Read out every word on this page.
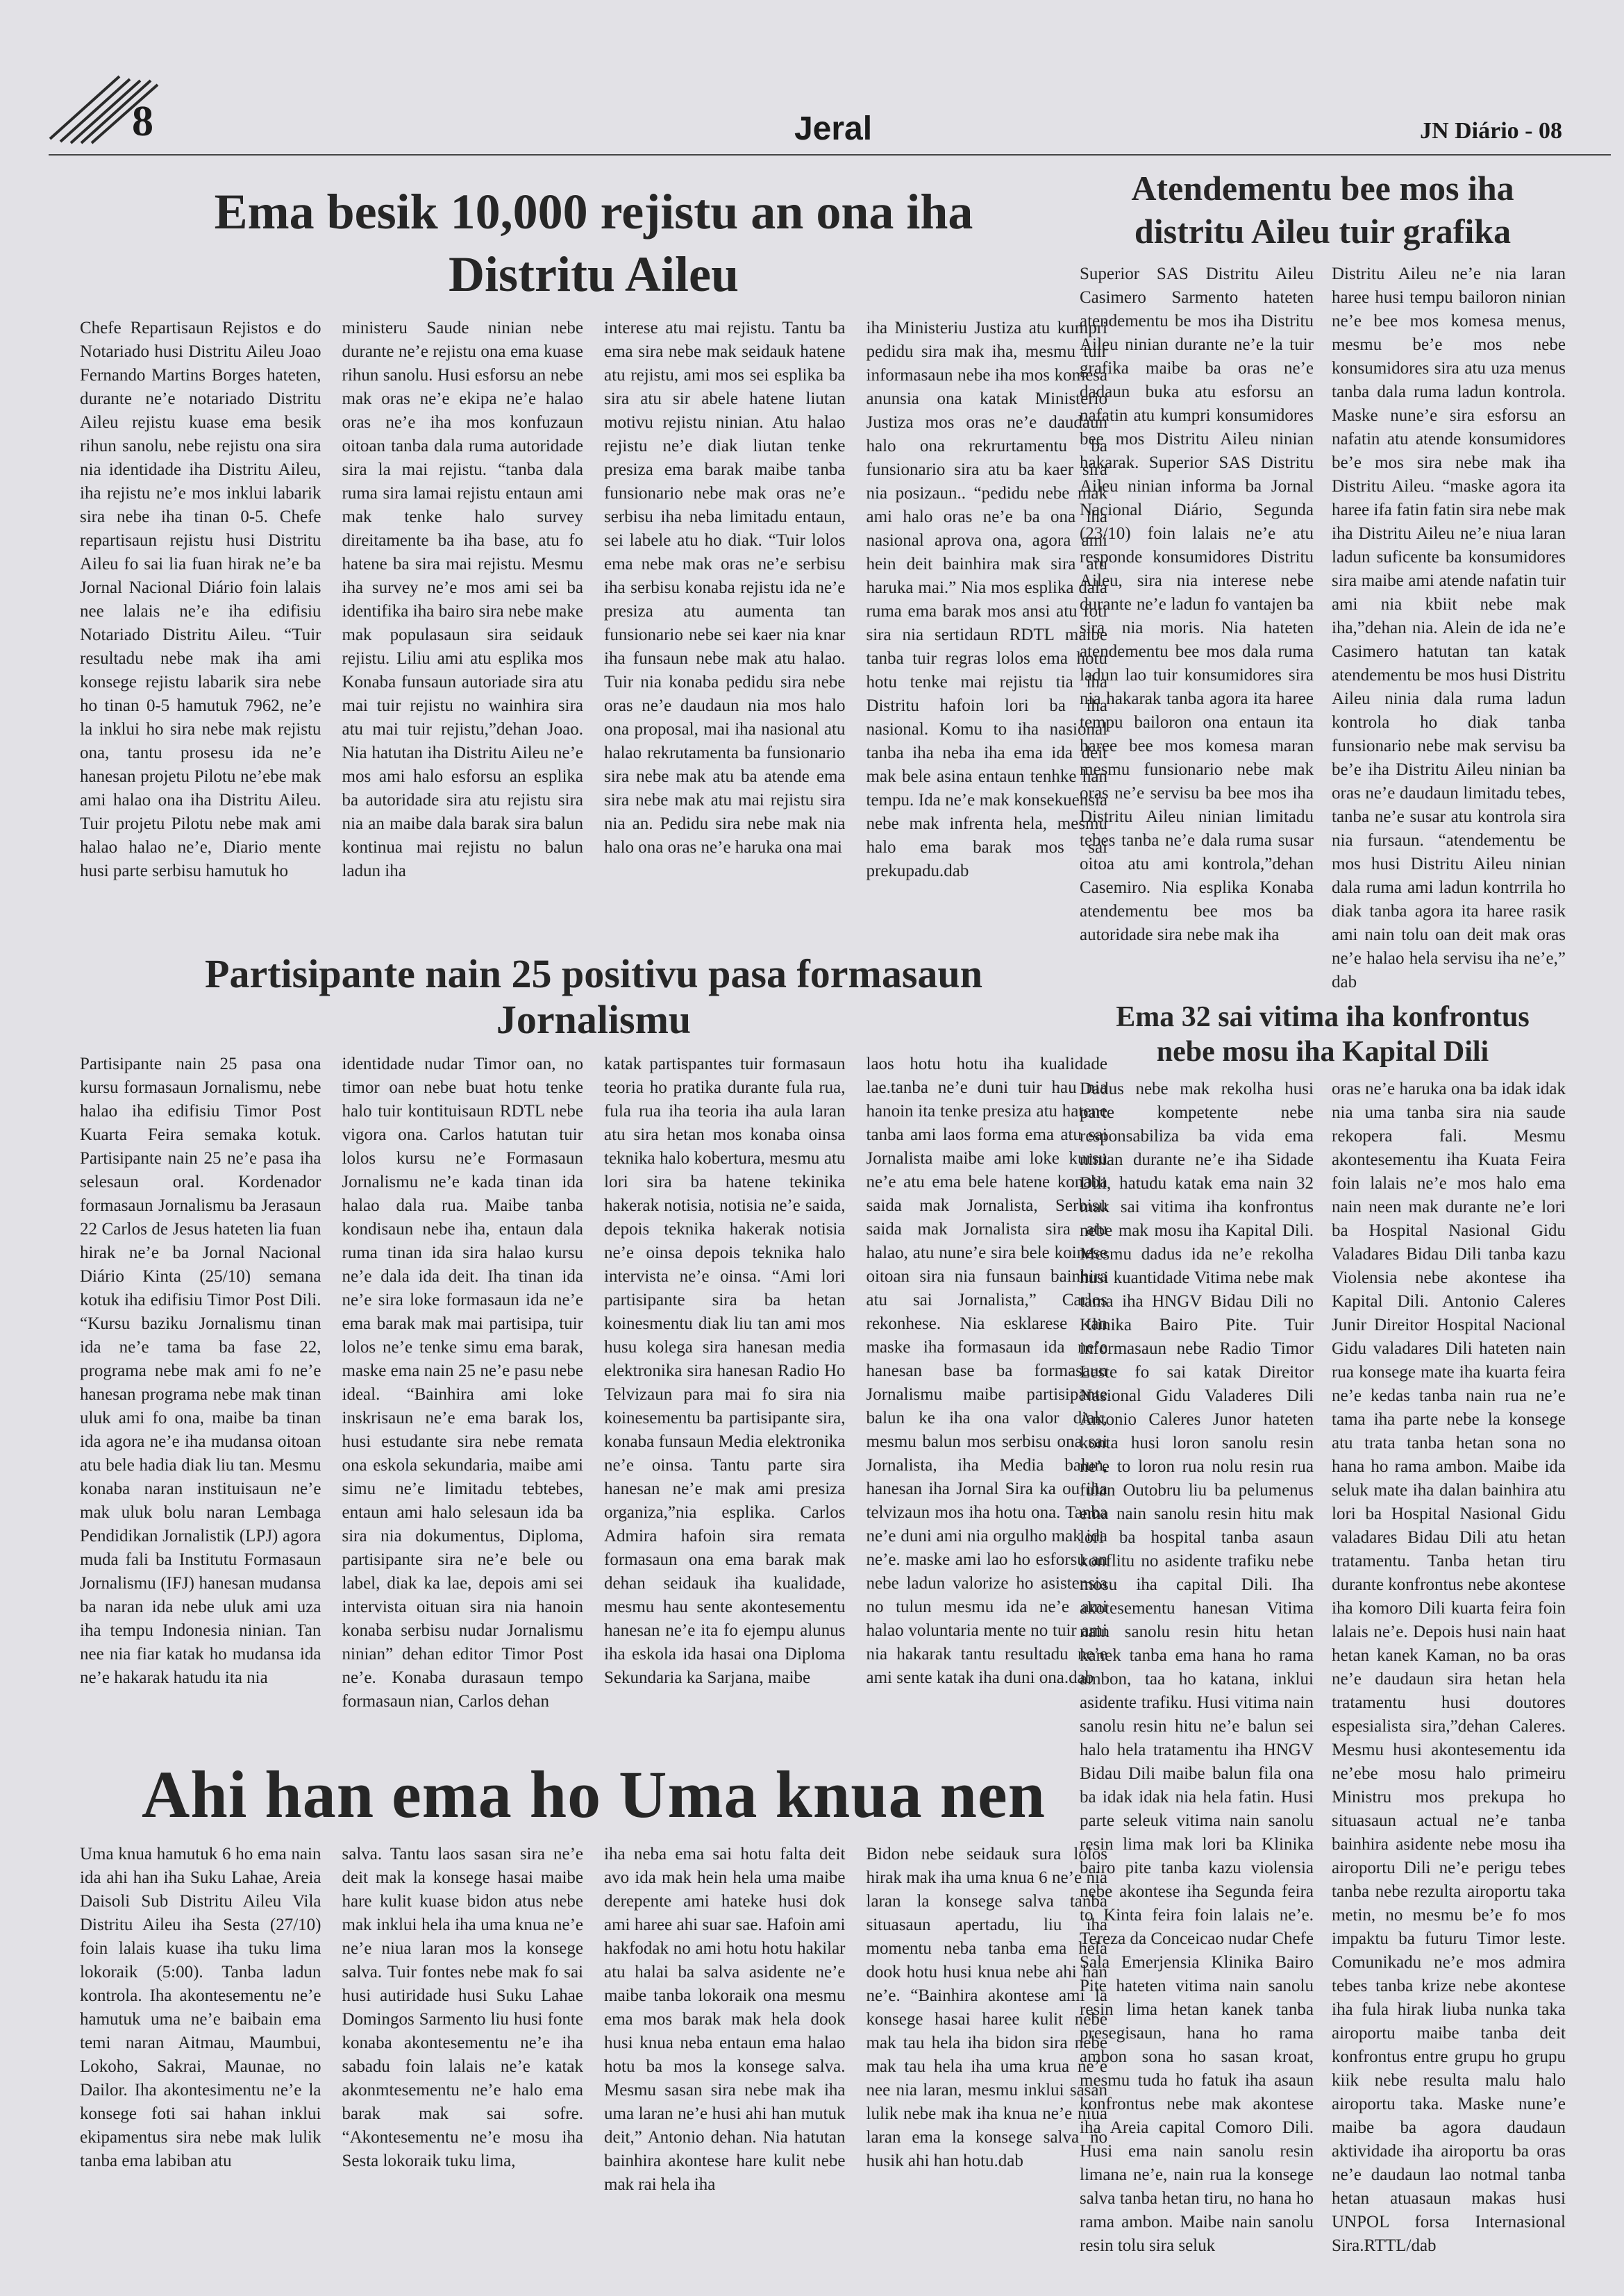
8	Jeral	JN Diário - 08
Ema besik 10,000 rejistu an ona iha Distritu Aileu

Chefe Repartisaun Rejistos e do Notariado husi Distritu Aileu Joao Fernando Martins Borges hateten, durante ne’e notariado Distritu Aileu rejistu kuase ema besik rihun sanolu, nebe rejistu ona sira nia identidade iha Distritu Aileu, iha rejistu ne’e mos inklui labarik sira nebe iha tinan 0-5. Chefe repartisaun rejistu husi Distritu Aileu fo sai lia fuan hirak ne’e ba Jornal Nacional Diário foin lalais nee lalais ne’e iha edifisiu Notariado Distritu Aileu. “Tuir resultadu nebe mak iha ami konsege rejistu labarik sira nebe ho tinan 0-5 hamutuk 7962, ne’e la inklui ho sira nebe mak rejistu ona, tantu prosesu ida ne’e hanesan projetu Pilotu ne’ebe mak ami halao ona iha Distritu Aileu. Tuir projetu Pilotu nebe mak ami halao halao ne’e, Diario mente husi parte serbisu hamutuk ho

ministeru Saude ninian nebe durante ne’e rejistu ona ema kuase rihun sanolu. Husi esforsu an nebe mak oras ne’e ekipa ne’e halao oras ne’e iha mos konfuzaun oitoan tanba dala ruma autoridade sira la mai rejistu. “tanba dala ruma sira lamai rejistu entaun ami mak tenke halo survey direitamente ba iha base, atu fo hatene ba sira mai rejistu. Mesmu iha survey ne’e mos ami sei ba identifika iha bairo sira nebe make mak populasaun sira seidauk rejistu. Liliu ami atu esplika mos Konaba funsaun autoriade sira atu mai tuir rejistu no wainhira sira atu mai tuir rejistu,”dehan Joao. Nia hatutan iha Distritu Aileu ne’e mos ami halo esforsu an esplika ba autoridade sira atu rejistu sira nia an maibe dala barak sira balun kontinua mai rejistu no balun ladun iha

interese atu mai rejistu. Tantu ba ema sira nebe mak seidauk hatene atu rejistu, ami mos sei esplika ba sira atu sir abele hatene liutan motivu rejistu ninian. Atu halao rejistu ne’e diak liutan tenke presiza ema barak maibe tanba funsionario nebe mak oras ne’e serbisu iha neba limitadu entaun, sei labele atu ho diak. “Tuir lolos ema nebe mak oras ne’e serbisu iha serbisu konaba rejistu ida ne’e presiza atu aumenta tan funsionario nebe sei kaer nia knar iha funsaun nebe mak atu halao. Tuir nia konaba pedidu sira nebe oras ne’e daudaun nia mos halo ona proposal, mai iha nasional atu halao rekrutamenta ba funsionario sira nebe mak atu ba atende ema sira nebe mak atu mai rejistu sira nia an. Pedidu sira nebe mak nia halo ona oras ne’e haruka ona mai

iha Ministeriu Justiza atu kumpri pedidu sira mak iha, mesmu tuir informasaun nebe iha mos komesa anunsia ona katak Ministerio Justiza mos oras ne’e daudaun halo ona rekrurtamentu ba funsionario sira atu ba kaer sira nia posizaun.. “pedidu nebe mak ami halo oras ne’e ba ona iha nasional aprova ona, agora ami hein deit bainhira mak sira atu haruka mai.” Nia mos esplika dala ruma ema barak mos ansi atu foti sira nia sertidaun RDTL maibe tanba tuir regras lolos ema hotu hotu tenke mai rejistu tia iha Distritu hafoin lori ba iha nasional. Komu to iha nasional tanba iha neba iha ema ida deit mak bele asina entaun tenhke han tempu. Ida ne’e mak konsekuensia nebe mak infrenta hela, mesmu halo ema barak mos sai prekupadu.dab

Partisipante nain 25 positivu pasa formasaun Jornalismu

Partisipante nain 25 pasa ona kursu formasaun Jornalismu, nebe halao iha edifisiu Timor Post Kuarta Feira semaka kotuk. Partisipante nain 25 ne’e pasa iha selesaun oral. Kordenador formasaun Jornalismu ba Jerasaun 22 Carlos de Jesus hateten lia fuan hirak ne’e ba Jornal Nacional Diário Kinta (25/10) semana kotuk iha edifisiu Timor Post Dili. “Kursu baziku Jornalismu tinan ida ne’e tama ba fase 22, programa nebe mak ami fo ne’e hanesan programa nebe mak tinan uluk ami fo ona, maibe ba tinan ida agora ne’e iha mudansa oitoan atu bele hadia diak liu tan. Mesmu konaba naran instituisaun ne’e mak uluk bolu naran Lembaga Pendidikan Jornalistik (LPJ) agora muda fali ba Institutu Formasaun Jornalismu (IFJ) hanesan mudansa ba naran ida nebe uluk ami uza iha tempu Indonesia ninian. Tan nee nia fiar katak ho mudansa ida ne’e hakarak hatudu ita nia

identidade nudar Timor oan, no timor oan nebe buat hotu tenke halo tuir kontituisaun RDTL nebe vigora ona. Carlos hatutan tuir lolos kursu ne’e Formasaun Jornalismu ne’e kada tinan ida halao dala rua. Maibe tanba kondisaun nebe iha, entaun dala ruma tinan ida sira halao kursu ne’e dala ida deit. Iha tinan ida ne’e sira loke formasaun ida ne’e ema barak mak mai partisipa, tuir lolos ne’e tenke simu ema barak, maske ema nain 25 ne’e pasu nebe ideal. “Bainhira ami loke inskrisaun ne’e ema barak los, husi estudante sira nebe remata ona eskola sekundaria, maibe ami simu ne’e limitadu tebtebes, entaun ami halo selesaun ida ba sira nia dokumentus, Diploma, partisipante sira ne’e bele ou label, diak ka lae, depois ami sei intervista oituan sira nia hanoin konaba serbisu nudar Jornalismu ninian” dehan editor Timor Post ne’e. Konaba durasaun tempo formasaun nian, Carlos dehan

katak partispantes tuir formasaun teoria ho pratika durante fula rua, fula rua iha teoria iha aula laran atu sira hetan mos konaba oinsa teknika halo kobertura, mesmu atu lori sira ba hatene tekinika hakerak notisia, notisia ne’e saida, depois teknika hakerak notisia ne’e oinsa depois teknika halo intervista ne’e oinsa. “Ami lori partisipante sira ba hetan koinesmentu diak liu tan ami mos husu kolega sira hanesan media elektronika sira hanesan Radio Ho Telvizaun para mai fo sira nia koinesementu ba partisipante sira, konaba funsaun Media elektronika ne’e oinsa. Tantu parte sira hanesan ne’e mak ami presiza organiza,”nia esplika. Carlos Admira hafoin sira remata formasaun ona ema barak mak dehan seidauk iha kualidade, mesmu hau sente akontesementu hanesan ne’e ita fo ejempu alunus iha eskola ida hasai ona Diploma Sekundaria ka Sarjana, maibe

laos hotu hotu iha kualidade lae.tanba ne’e duni tuir hau nia hanoin ita tenke presiza atu hatene tanba ami laos forma ema atu sai Jornalista maibe ami loke kursu ne’e atu ema bele hatene konaba saida mak Jornalista, Serbisu saida mak Jornalista sira atu halao, atu nune’e sira bele koinese oitoan sira nia funsaun bainhira atu sai Jornalista,” Carlos rekonhese. Nia esklarese tan maske iha formasaun ida ne’e hanesan base ba formasaun Jornalismu maibe partisipante balun ke iha ona valor diak, mesmu balun mos serbisu ona sai Jornalista, iha Media balun, hanesan iha Jornal Sira ka ou iha telvizaun mos iha hotu ona. Tanba ne’e duni ami nia orgulho mak ida ne’e. maske ami lao ho esforsu an nebe ladun valorize ho asistensia no tulun mesmu ida ne’e ami halao voluntaria mente no tuir ami nia hakarak tantu resultadu ne’e ami sente katak iha duni ona.dab

Ahi han ema ho Uma knua nen

Uma knua hamutuk 6 ho ema nain ida ahi han iha Suku Lahae, Areia Daisoli Sub Distritu Aileu Vila Distritu Aileu iha Sesta (27/10) foin lalais kuase iha tuku lima lokoraik (5:00). Tanba ladun kontrola. Iha akontesementu ne’e hamutuk uma ne’e baibain ema temi naran Aitmau, Maumbui, Lokoho, Sakrai, Maunae, no Dailor. Iha akontesimentu ne’e la konsege foti sai hahan inklui ekipamentus sira nebe mak lulik tanba ema labiban atu

salva. Tantu laos sasan sira ne’e deit mak la konsege hasai maibe hare kulit kuase bidon atus nebe mak inklui hela iha uma knua ne’e ne’e niua laran mos la konsege salva. Tuir fontes nebe mak fo sai husi autiridade husi Suku Lahae Domingos Sarmento liu husi fonte konaba akontesementu ne’e iha sabadu foin lalais ne’e katak akonmtesementu ne’e halo ema barak mak sai sofre. “Akontesementu ne’e mosu iha Sesta lokoraik tuku lima,

iha neba ema sai hotu falta deit avo ida mak hein hela uma maibe derepente ami hateke husi dok ami haree ahi suar sae. Hafoin ami hakfodak no ami hotu hotu hakilar atu halai ba salva asidente ne’e maibe tanba lokoraik ona mesmu ema mos barak mak hela dook husi knua neba entaun ema halao hotu ba mos la konsege salva. Mesmu sasan sira nebe mak iha uma laran ne’e husi ahi han mutuk deit,” Antonio dehan. Nia hatutan bainhira akontese hare kulit nebe mak rai hela iha

Bidon nebe seidauk sura lolos hirak mak iha uma knua 6 ne’e nia laran la konsege salva tanba situasaun apertadu, liu iha momentu neba tanba ema hela dook hotu husi knua nebe ahi han ne’e. “Bainhira akontese ami la konsege hasai haree kulit nebe mak tau hela iha bidon sira nebe mak tau hela iha uma krua ne’e nee nia laran, mesmu inklui sasan lulik nebe mak iha knua ne’e niua laran ema la konsege salva no husik ahi han hotu.dab

Atendementu bee mos iha distritu Aileu tuir grafika

Superior SAS Distritu Aileu Casimero Sarmento hateten atendementu be mos iha Distritu Aileu ninian durante ne’e la tuir grafika maibe ba oras ne’e dadaun buka atu esforsu an nafatin atu kumpri konsumidores bee mos Distritu Aileu ninian hakarak. Superior SAS Distritu Aileu ninian informa ba Jornal Nacional Diário, Segunda (23/10) foin lalais ne’e atu responde konsumidores Distritu Aileu, sira nia interese nebe durante ne’e ladun fo vantajen ba sira nia moris. Nia hateten atendementu bee mos dala ruma ladun lao tuir konsumidores sira nia hakarak tanba agora ita haree tempu bailoron ona entaun ita haree bee mos komesa maran mesmu funsionario nebe mak oras ne’e servisu ba bee mos iha Distritu Aileu ninian limitadu tebes tanba ne’e dala ruma susar oitoa atu ami kontrola,”dehan Casemiro. Nia esplika Konaba atendementu bee mos ba autoridade sira nebe mak iha

Distritu Aileu ne’e nia laran haree husi tempu bailoron ninian ne’e bee mos komesa menus, mesmu be’e mos nebe konsumidores sira atu uza menus tanba dala ruma ladun kontrola. Maske nune’e sira esforsu an nafatin atu atende konsumidores be’e mos sira nebe mak iha Distritu Aileu. “maske agora ita haree ifa fatin fatin sira nebe mak iha Distritu Aileu ne’e niua laran ladun suficente ba konsumidores sira maibe ami atende nafatin tuir ami nia kbiit nebe mak iha,”dehan nia. Alein de ida ne’e Casimero hatutan tan katak atendementu be mos husi Distritu Aileu ninia dala ruma ladun kontrola ho diak tanba funsionario nebe mak servisu ba be’e iha Distritu Aileu ninian ba oras ne’e daudaun limitadu tebes, tanba ne’e susar atu kontrola sira nia fursaun. “atendementu be mos husi Distritu Aileu ninian dala ruma ami ladun kontrrila ho diak tanba agora ita haree rasik ami nain tolu oan deit mak oras ne’e halao hela servisu iha ne’e,” dab

Ema 32 sai vitima iha konfrontus nebe mosu iha Kapital Dili

Dadus nebe mak rekolha husi parte kompetente nebe responsabiliza ba vida ema ninian durante ne’e iha Sidade Dili, hatudu katak ema nain 32 mak sai vitima iha konfrontus nebe mak mosu iha Kapital Dili. Mesmu dadus ida ne’e rekolha husi kuantidade Vitima nebe mak tama iha HNGV Bidau Dili no Klinika Bairo Pite. Tuir informasaun nebe Radio Timor Leste fo sai katak Direitor Nasional Gidu Valaderes Dili Antonio Caleres Junor hateten konta husi loron sanolu resin ne’e to loron rua nolu resin rua fulan Outobru liu ba pelumenus ema nain sanolu resin hitu mak lori ba hospital tanba asaun konflitu no asidente trafiku nebe mosu iha capital Dili. Iha akotesementu hanesan Vitima nain sanolu resin hitu hetan kanek tanba ema hana ho rama ambon, taa ho katana, inklui asidente trafiku. Husi vitima nain sanolu resin hitu ne’e balun sei halo hela tratamentu iha HNGV Bidau Dili maibe balun fila ona ba idak idak nia hela fatin. Husi parte seleuk vitima nain sanolu resin lima mak lori ba Klinika bairo pite tanba kazu violensia nebe akontese iha Segunda feira to Kinta feira foin lalais ne’e. Tereza da Conceicao nudar Chefe Sala Emerjensia Klinika Bairo Pite hateten vitima nain sanolu resin lima hetan kanek tanba presegisaun, hana ho rama ambon sona ho sasan kroat, mesmu tuda ho fatuk iha asaun konfrontus nebe mak akontese iha Areia capital Comoro Dili. Husi ema nain sanolu resin limana ne’e, nain rua la konsege salva tanba hetan tiru, no hana ho rama ambon. Maibe nain sanolu resin tolu sira seluk

oras ne’e haruka ona ba idak idak nia uma tanba sira nia saude rekopera fali. Mesmu akontesementu iha Kuata Feira foin lalais ne’e mos halo ema nain neen mak durante ne’e lori ba Hospital Nasional Gidu Valadares Bidau Dili tanba kazu Violensia nebe akontese iha Kapital Dili. Antonio Caleres Junir Direitor Hospital Nacional Gidu valadares Dili hateten nain rua konsege mate iha kuarta feira ne’e kedas tanba nain rua ne’e tama iha parte nebe la konsege atu trata tanba hetan sona no hana ho rama ambon. Maibe ida seluk mate iha dalan bainhira atu lori ba Hospital Nasional Gidu valadares Bidau Dili atu hetan tratamentu. Tanba hetan tiru durante konfrontus nebe akontese iha komoro Dili kuarta feira foin lalais ne’e. Depois husi nain haat hetan kanek Kaman, no ba oras ne’e daudaun sira hetan hela tratamentu husi doutores espesialista sira,”dehan Caleres. Mesmu husi akontesementu ida ne’ebe mosu halo primeiru Ministru mos prekupa ho situasaun actual ne’e tanba bainhira asidente nebe mosu iha airoportu Dili ne’e perigu tebes tanba nebe rezulta airoportu taka metin, no mesmu be’e fo mos impaktu ba futuru Timor leste. Comunikadu ne’e mos admira tebes tanba krize nebe akontese iha fula hirak liuba nunka taka airoportu maibe tanba deit konfrontus entre grupu ho grupu kiik nebe resulta malu halo airoportu taka. Maske nune’e maibe ba agora daudaun aktividade iha airoportu ba oras ne’e daudaun lao notmal tanba hetan atuasaun makas husi UNPOL forsa Internasional Sira.RTTL/dab
